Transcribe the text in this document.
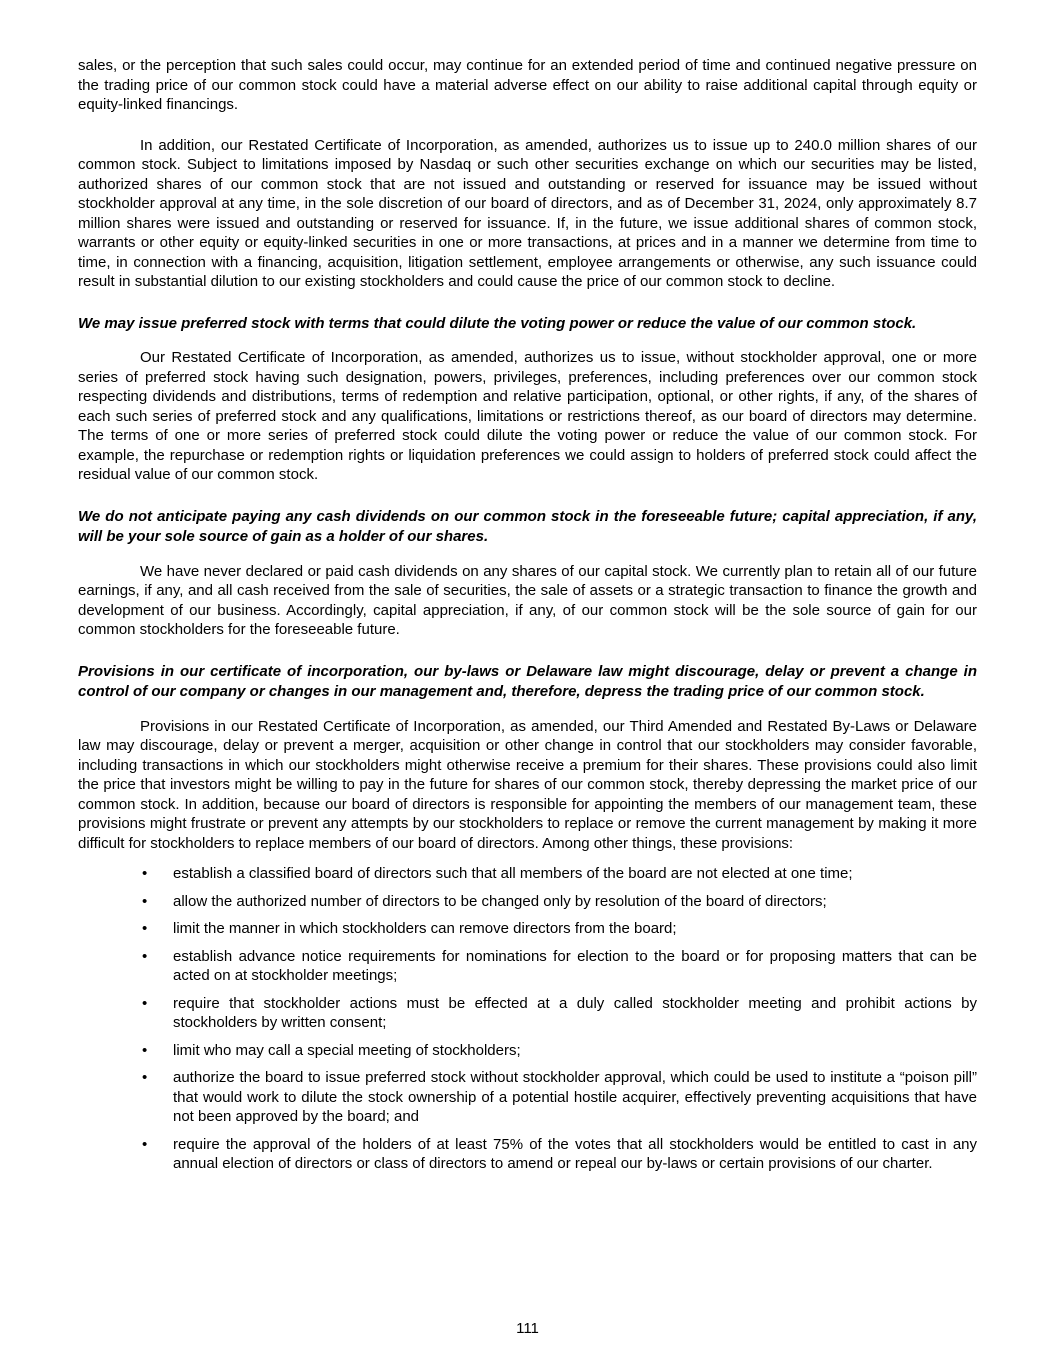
sales, or the perception that such sales could occur, may continue for an extended period of time and continued negative pressure on the trading price of our common stock could have a material adverse effect on our ability to raise additional capital through equity or equity-linked financings.

In addition, our Restated Certificate of Incorporation, as amended, authorizes us to issue up to 240.0 million shares of our common stock. Subject to limitations imposed by Nasdaq or such other securities exchange on which our securities may be listed, authorized shares of our common stock that are not issued and outstanding or reserved for issuance may be issued without stockholder approval at any time, in the sole discretion of our board of directors, and as of December 31, 2024, only approximately 8.7 million shares were issued and outstanding or reserved for issuance. If, in the future, we issue additional shares of common stock, warrants or other equity or equity-linked securities in one or more transactions, at prices and in a manner we determine from time to time, in connection with a financing, acquisition, litigation settlement, employee arrangements or otherwise, any such issuance could result in substantial dilution to our existing stockholders and could cause the price of our common stock to decline.

We may issue preferred stock with terms that could dilute the voting power or reduce the value of our common stock.

Our Restated Certificate of Incorporation, as amended, authorizes us to issue, without stockholder approval, one or more series of preferred stock having such designation, powers, privileges, preferences, including preferences over our common stock respecting dividends and distributions, terms of redemption and relative participation, optional, or other rights, if any, of the shares of each such series of preferred stock and any qualifications, limitations or restrictions thereof, as our board of directors may determine. The terms of one or more series of preferred stock could dilute the voting power or reduce the value of our common stock. For example, the repurchase or redemption rights or liquidation preferences we could assign to holders of preferred stock could affect the residual value of our common stock.

We do not anticipate paying any cash dividends on our common stock in the foreseeable future; capital appreciation, if any, will be your sole source of gain as a holder of our shares.

We have never declared or paid cash dividends on any shares of our capital stock. We currently plan to retain all of our future earnings, if any, and all cash received from the sale of securities, the sale of assets or a strategic transaction to finance the growth and development of our business. Accordingly, capital appreciation, if any, of our common stock will be the sole source of gain for our common stockholders for the foreseeable future.

Provisions in our certificate of incorporation, our by-laws or Delaware law might discourage, delay or prevent a change in control of our company or changes in our management and, therefore, depress the trading price of our common stock.

Provisions in our Restated Certificate of Incorporation, as amended, our Third Amended and Restated By-Laws or Delaware law may discourage, delay or prevent a merger, acquisition or other change in control that our stockholders may consider favorable, including transactions in which our stockholders might otherwise receive a premium for their shares. These provisions could also limit the price that investors might be willing to pay in the future for shares of our common stock, thereby depressing the market price of our common stock. In addition, because our board of directors is responsible for appointing the members of our management team, these provisions might frustrate or prevent any attempts by our stockholders to replace or remove the current management by making it more difficult for stockholders to replace members of our board of directors. Among other things, these provisions:

• establish a classified board of directors such that all members of the board are not elected at one time;
• allow the authorized number of directors to be changed only by resolution of the board of directors;
• limit the manner in which stockholders can remove directors from the board;
• establish advance notice requirements for nominations for election to the board or for proposing matters that can be acted on at stockholder meetings;
• require that stockholder actions must be effected at a duly called stockholder meeting and prohibit actions by stockholders by written consent;
• limit who may call a special meeting of stockholders;
• authorize the board to issue preferred stock without stockholder approval, which could be used to institute a “poison pill” that would work to dilute the stock ownership of a potential hostile acquirer, effectively preventing acquisitions that have not been approved by the board; and
• require the approval of the holders of at least 75% of the votes that all stockholders would be entitled to cast in any annual election of directors or class of directors to amend or repeal our by-laws or certain provisions of our charter.
111
